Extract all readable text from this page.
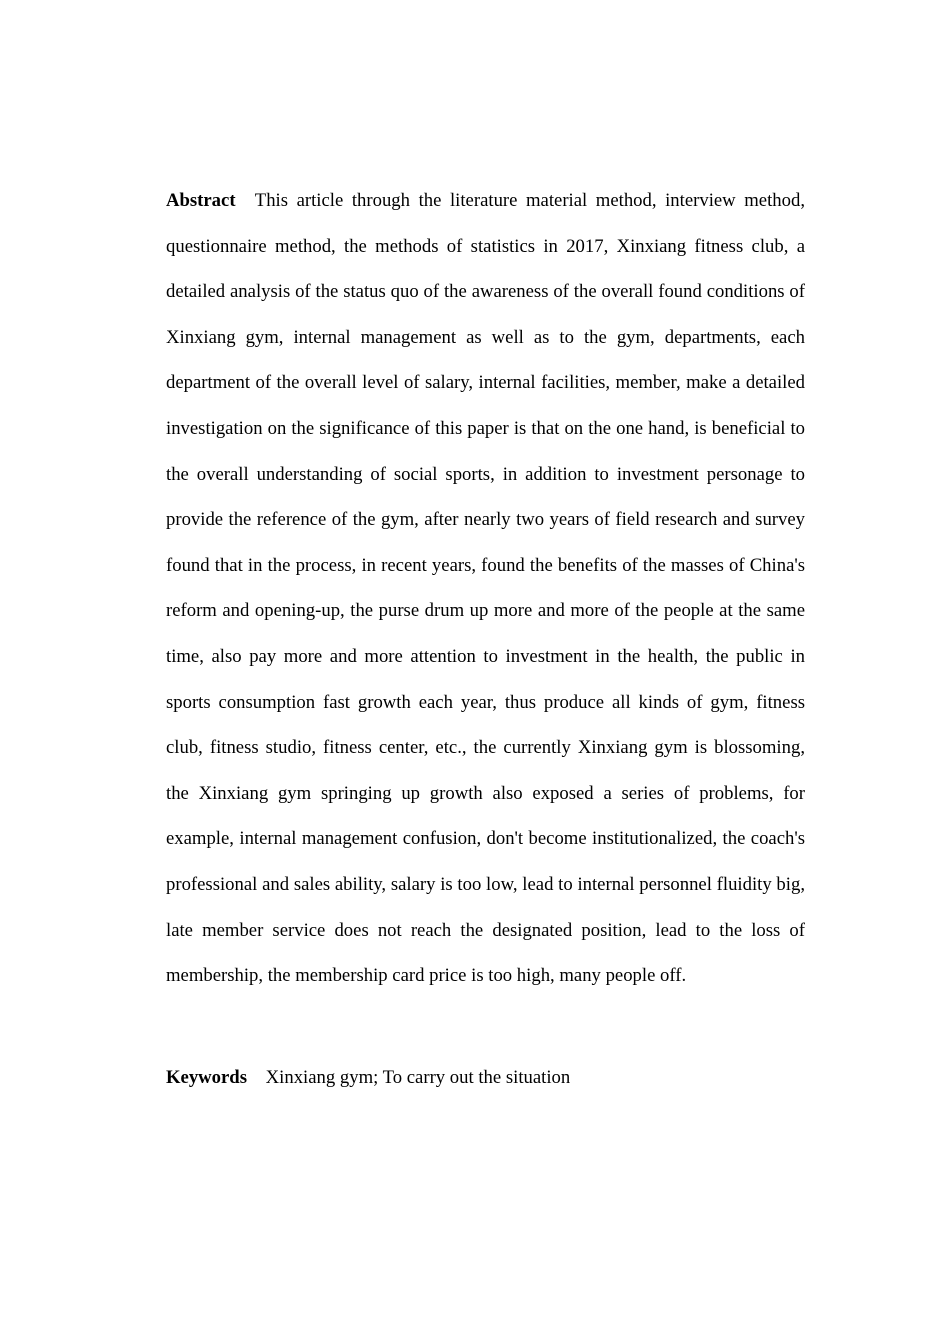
Abstract This article through the literature material method, interview method, questionnaire method, the methods of statistics in 2017, Xinxiang fitness club, a detailed analysis of the status quo of the awareness of the overall found conditions of Xinxiang gym, internal management as well as to the gym, departments, each department of the overall level of salary, internal facilities, member, make a detailed investigation on the significance of this paper is that on the one hand, is beneficial to the overall understanding of social sports, in addition to investment personage to provide the reference of the gym, after nearly two years of field research and survey found that in the process, in recent years, found the benefits of the masses of China's reform and opening-up, the purse drum up more and more of the people at the same time, also pay more and more attention to investment in the health, the public in sports consumption fast growth each year, thus produce all kinds of gym, fitness club, fitness studio, fitness center, etc., the currently Xinxiang gym is blossoming, the Xinxiang gym springing up growth also exposed a series of problems, for example, internal management confusion, don't become institutionalized, the coach's professional and sales ability, salary is too low, lead to internal personnel fluidity big, late member service does not reach the designated position, lead to the loss of membership, the membership card price is too high, many people off.
Keywords Xinxiang gym; To carry out the situation
